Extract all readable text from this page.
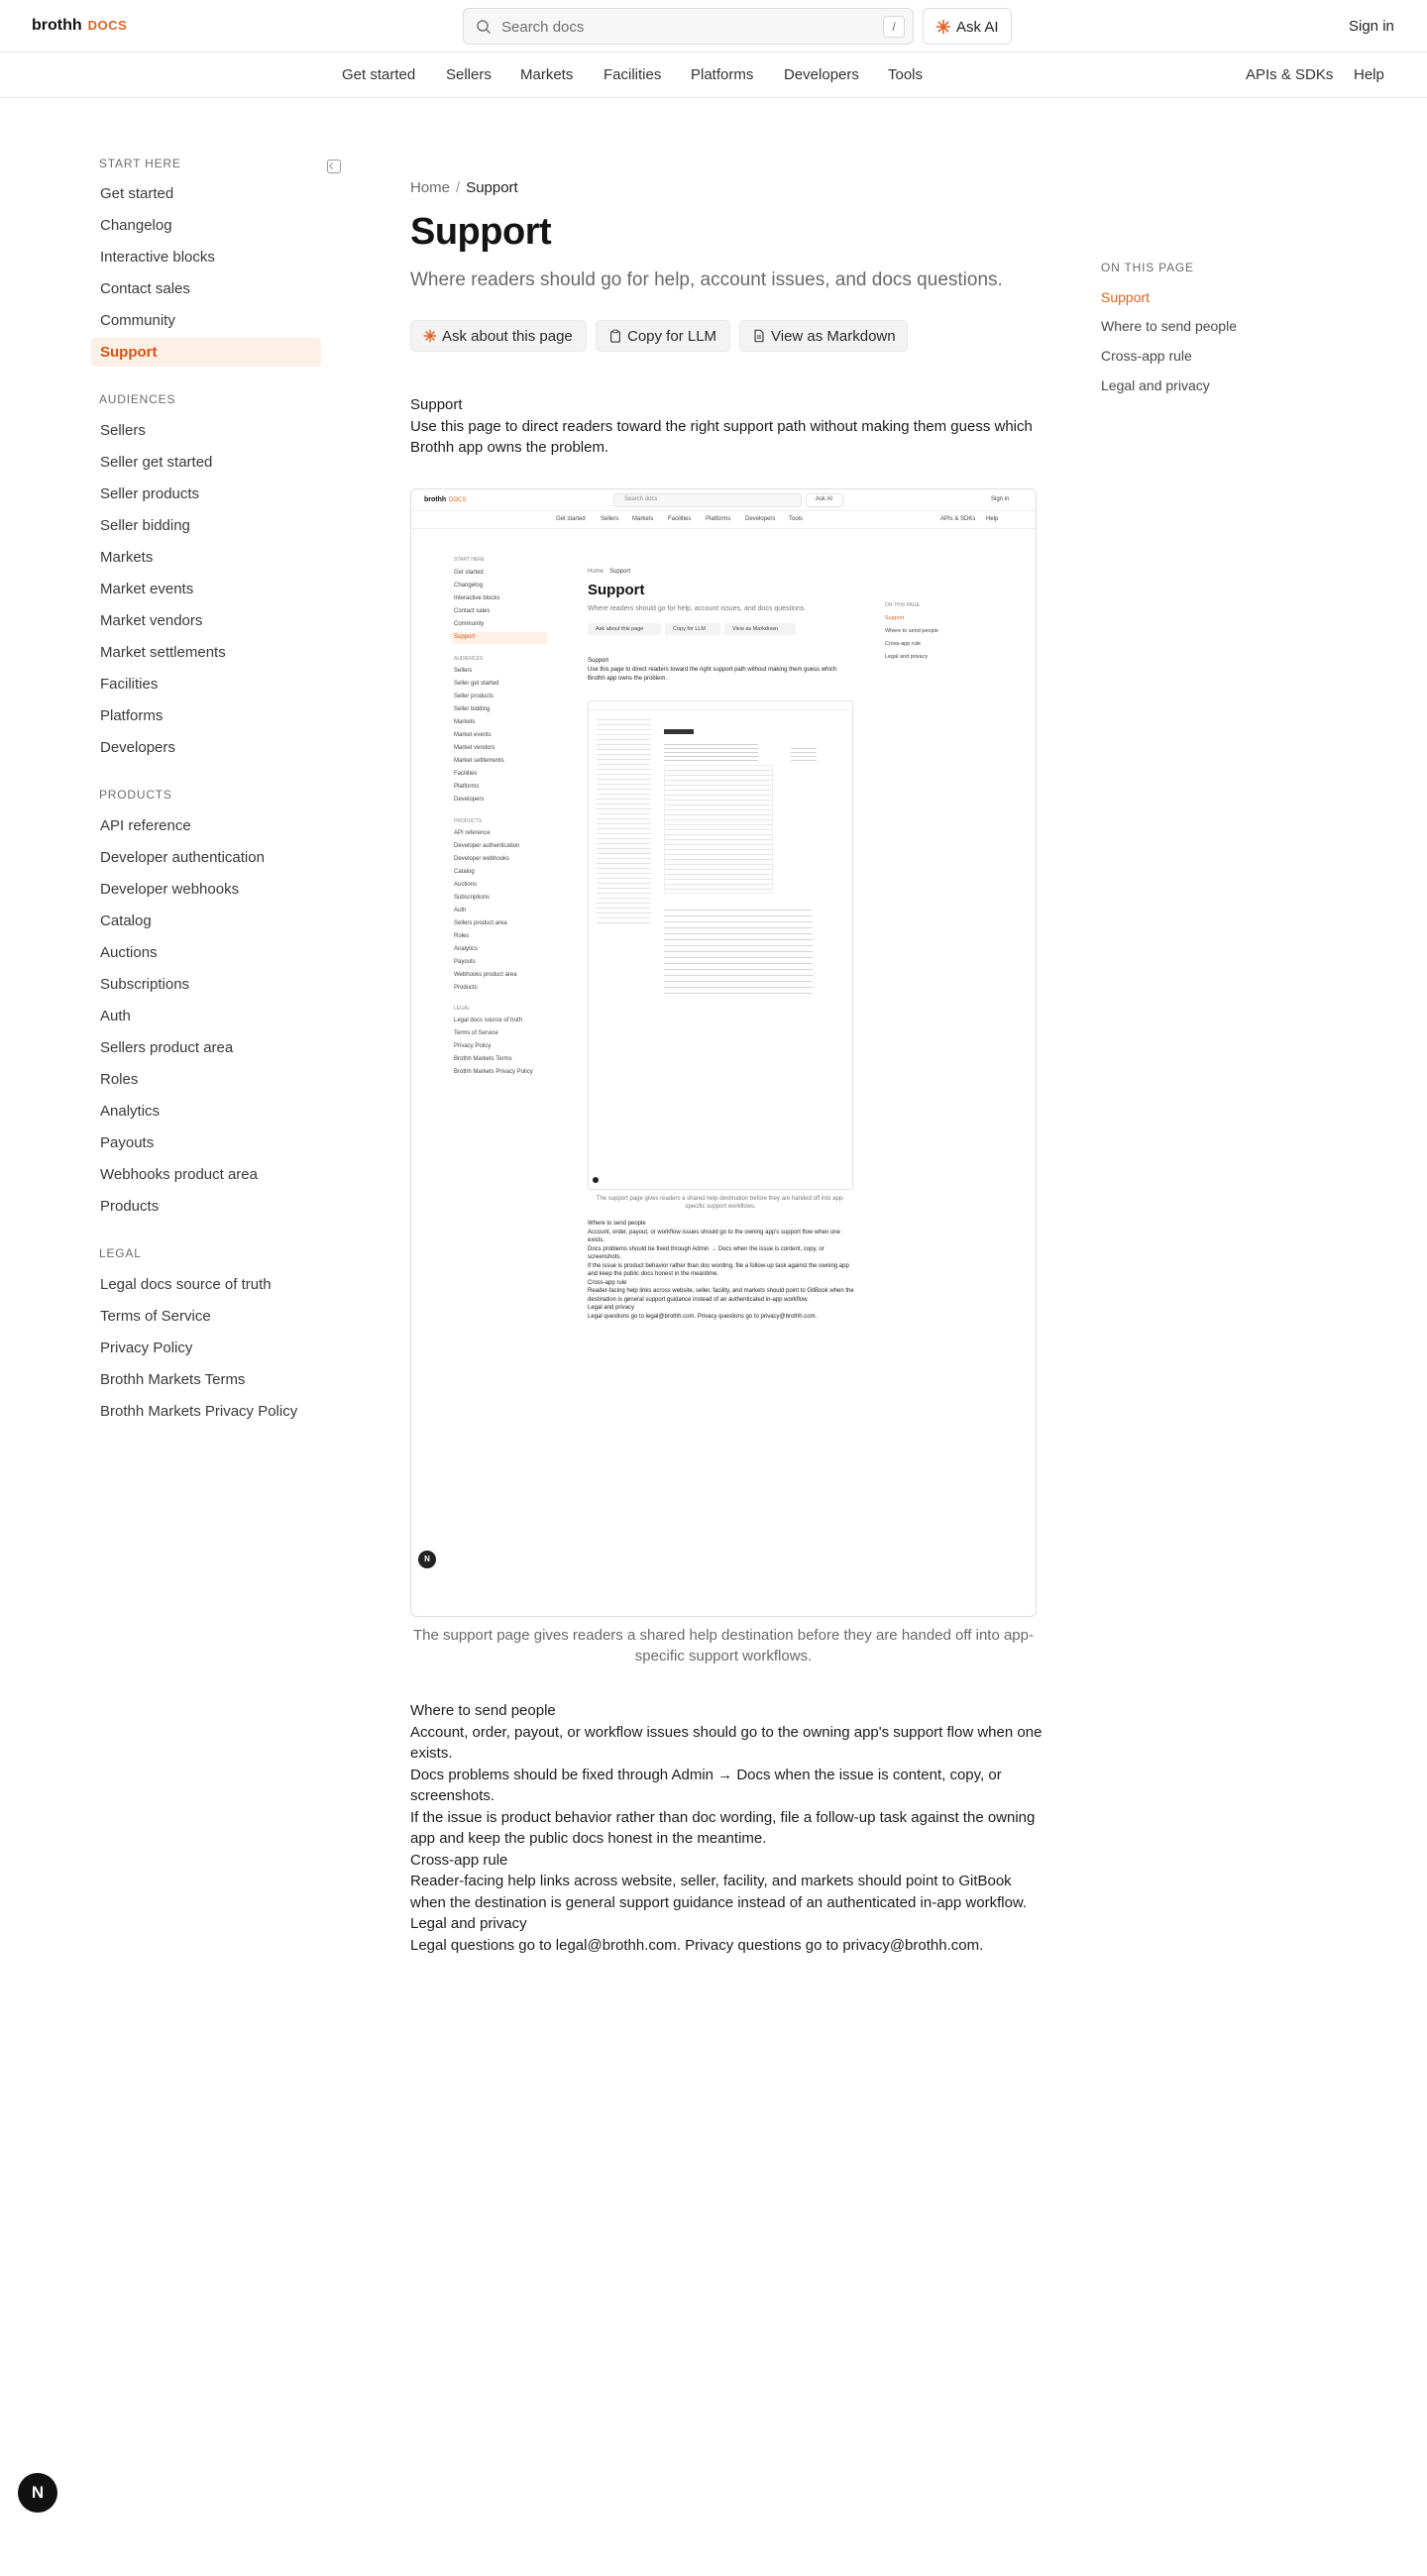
brothh DOCS	Search docs	/	Ask AI	Sign in
Get started Sellers Markets Facilities Platforms Developers Tools	APIs & SDKs Help
START HERE
Get started
Changelog
Interactive blocks
Contact sales
Community
Support
AUDIENCES
Sellers
Seller get started
Seller products
Seller bidding
Markets
Market events
Market vendors
Market settlements
Facilities
Platforms
Developers
PRODUCTS
API reference
Developer authentication
Developer webhooks
Catalog
Auctions
Subscriptions
Auth
Sellers product area
Roles
Analytics
Payouts
Webhooks product area
Products
LEGAL
Legal docs source of truth
Terms of Service
Privacy Policy
Brothh Markets Terms
Brothh Markets Privacy Policy
Home / Support
Support

Where readers should go for help, account issues, and docs questions.

Ask about this page	Copy for LLM	View as Markdown
Support
Use this page to direct readers toward the right support path without making them guess which Brothh app owns the problem.
brothh DOCS	Search docs	Ask AI	Sign in
Get started	Sellers Markets Facilities Platforms Developers Tools	APIs & SDKs Help
START HERE
Get started
Changelog
Interactive blocks
Contact sales
Community
Support
AUDIENCES
Sellers
Seller get started
Seller products
Seller bidding
Markets
Market events
Market vendors
Market settlements
Facilities
Platforms
Developers
PRODUCTS
API reference
Developer authentication
Developer webhooks
Catalog
Auctions
Subscriptions
Auth
Sellers product area
Roles
Analytics
Payouts
Webhooks product area
Products
LEGAL
Legal docs source of truth
Terms of Service
Privacy Policy
Brothh Markets Terms
Brothh Markets Privacy Policy
Home Support
Support
Where readers should go for help, account issues, and docs questions.
Ask about this page	Copy for LLM	View as Markdown
Support
Use this page to direct readers toward the right support path without making them guess which Brothh app owns the problem.
The support page gives readers a shared help destination before they are handed off into app-specific support workflows.
Where to send people
Account, order, payout, or workflow issues should go to the owning app's support flow when one exists.
Docs problems should be fixed through Admin → Docs when the issue is content, copy, or screenshots.
If the issue is product behavior rather than doc wording, file a follow-up task against the owning app and keep the public docs honest in the meantime.
Cross-app rule
Reader-facing help links across website, seller, facility, and markets should point to GitBook when the destination is general support guidance instead of an authenticated in-app workflow.
Legal and privacy
Legal questions go to legal@brothh.com. Privacy questions go to privacy@brothh.com.
ON THIS PAGE
Support
Where to send people
Cross-app rule
Legal and privacy
N
The support page gives readers a shared help destination before they are handed off into app-specific support workflows.
Where to send people
Account, order, payout, or workflow issues should go to the owning app's support flow when one exists.
Docs problems should be fixed through Admin → Docs when the issue is content, copy, or screenshots.
If the issue is product behavior rather than doc wording, file a follow-up task against the owning app and keep the public docs honest in the meantime.
Cross-app rule
Reader-facing help links across website, seller, facility, and markets should point to GitBook when the destination is general support guidance instead of an authenticated in-app workflow.
Legal and privacy
Legal questions go to legal@brothh.com. Privacy questions go to privacy@brothh.com.
ON THIS PAGE
Support
Where to send people
Cross-app rule
Legal and privacy
N
